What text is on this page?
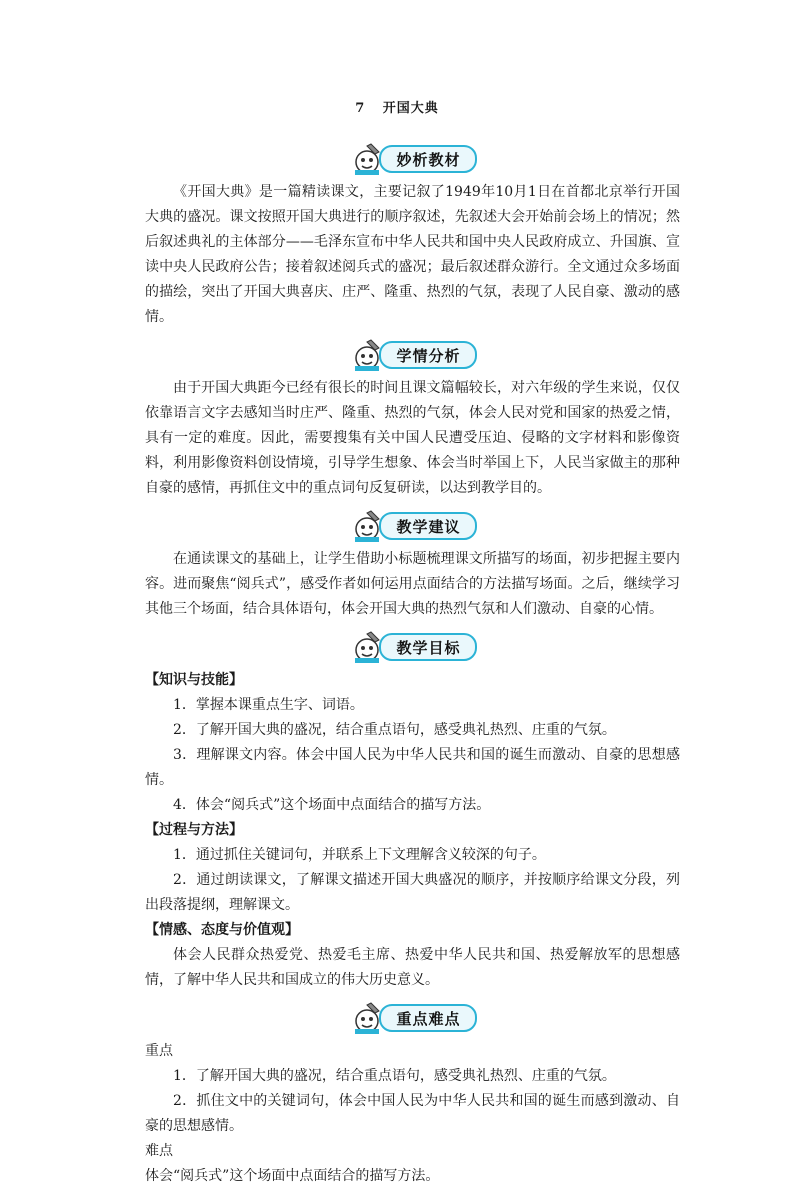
7 开国大典
妙析教材

《开国大典》是一篇精读课文，主要记叙了1949年10月1日在首都北京举行开国大典的盛况。课文按照开国大典进行的顺序叙述，先叙述大会开始前会场上的情况；然后叙述典礼的主体部分——毛泽东宣布中华人民共和国中央人民政府成立、升国旗、宣读中央人民政府公告；接着叙述阅兵式的盛况；最后叙述群众游行。全文通过众多场面的描绘，突出了开国大典喜庆、庄严、隆重、热烈的气氛，表现了人民自豪、激动的感情。

学情分析

由于开国大典距今已经有很长的时间且课文篇幅较长，对六年级的学生来说，仅仅依靠语言文字去感知当时庄严、隆重、热烈的气氛，体会人民对党和国家的热爱之情，具有一定的难度。因此，需要搜集有关中国人民遭受压迫、侵略的文字材料和影像资料，利用影像资料创设情境，引导学生想象、体会当时举国上下，人民当家做主的那种自豪的感情，再抓住文中的重点词句反复研读，以达到教学目的。

教学建议

在通读课文的基础上，让学生借助小标题梳理课文所描写的场面，初步把握主要内容。进而聚焦“阅兵式”，感受作者如何运用点面结合的方法描写场面。之后，继续学习其他三个场面，结合具体语句，体会开国大典的热烈气氛和人们激动、自豪的心情。

教学目标

【知识与技能】

1．掌握本课重点生字、词语。

2．了解开国大典的盛况，结合重点语句，感受典礼热烈、庄重的气氛。

3．理解课文内容。体会中国人民为中华人民共和国的诞生而激动、自豪的思想感情。

4．体会“阅兵式”这个场面中点面结合的描写方法。

【过程与方法】

1．通过抓住关键词句，并联系上下文理解含义较深的句子。

2．通过朗读课文，了解课文描述开国大典盛况的顺序，并按顺序给课文分段，列出段落提纲，理解课文。

【情感、态度与价值观】

体会人民群众热爱党、热爱毛主席、热爱中华人民共和国、热爱解放军的思想感情，了解中华人民共和国成立的伟大历史意义。

重点难点

重点

1．了解开国大典的盛况，结合重点语句，感受典礼热烈、庄重的气氛。

2．抓住文中的关键词句，体会中国人民为中华人民共和国的诞生而感到激动、自豪的思想感情。

难点

体会“阅兵式”这个场面中点面结合的描写方法。
